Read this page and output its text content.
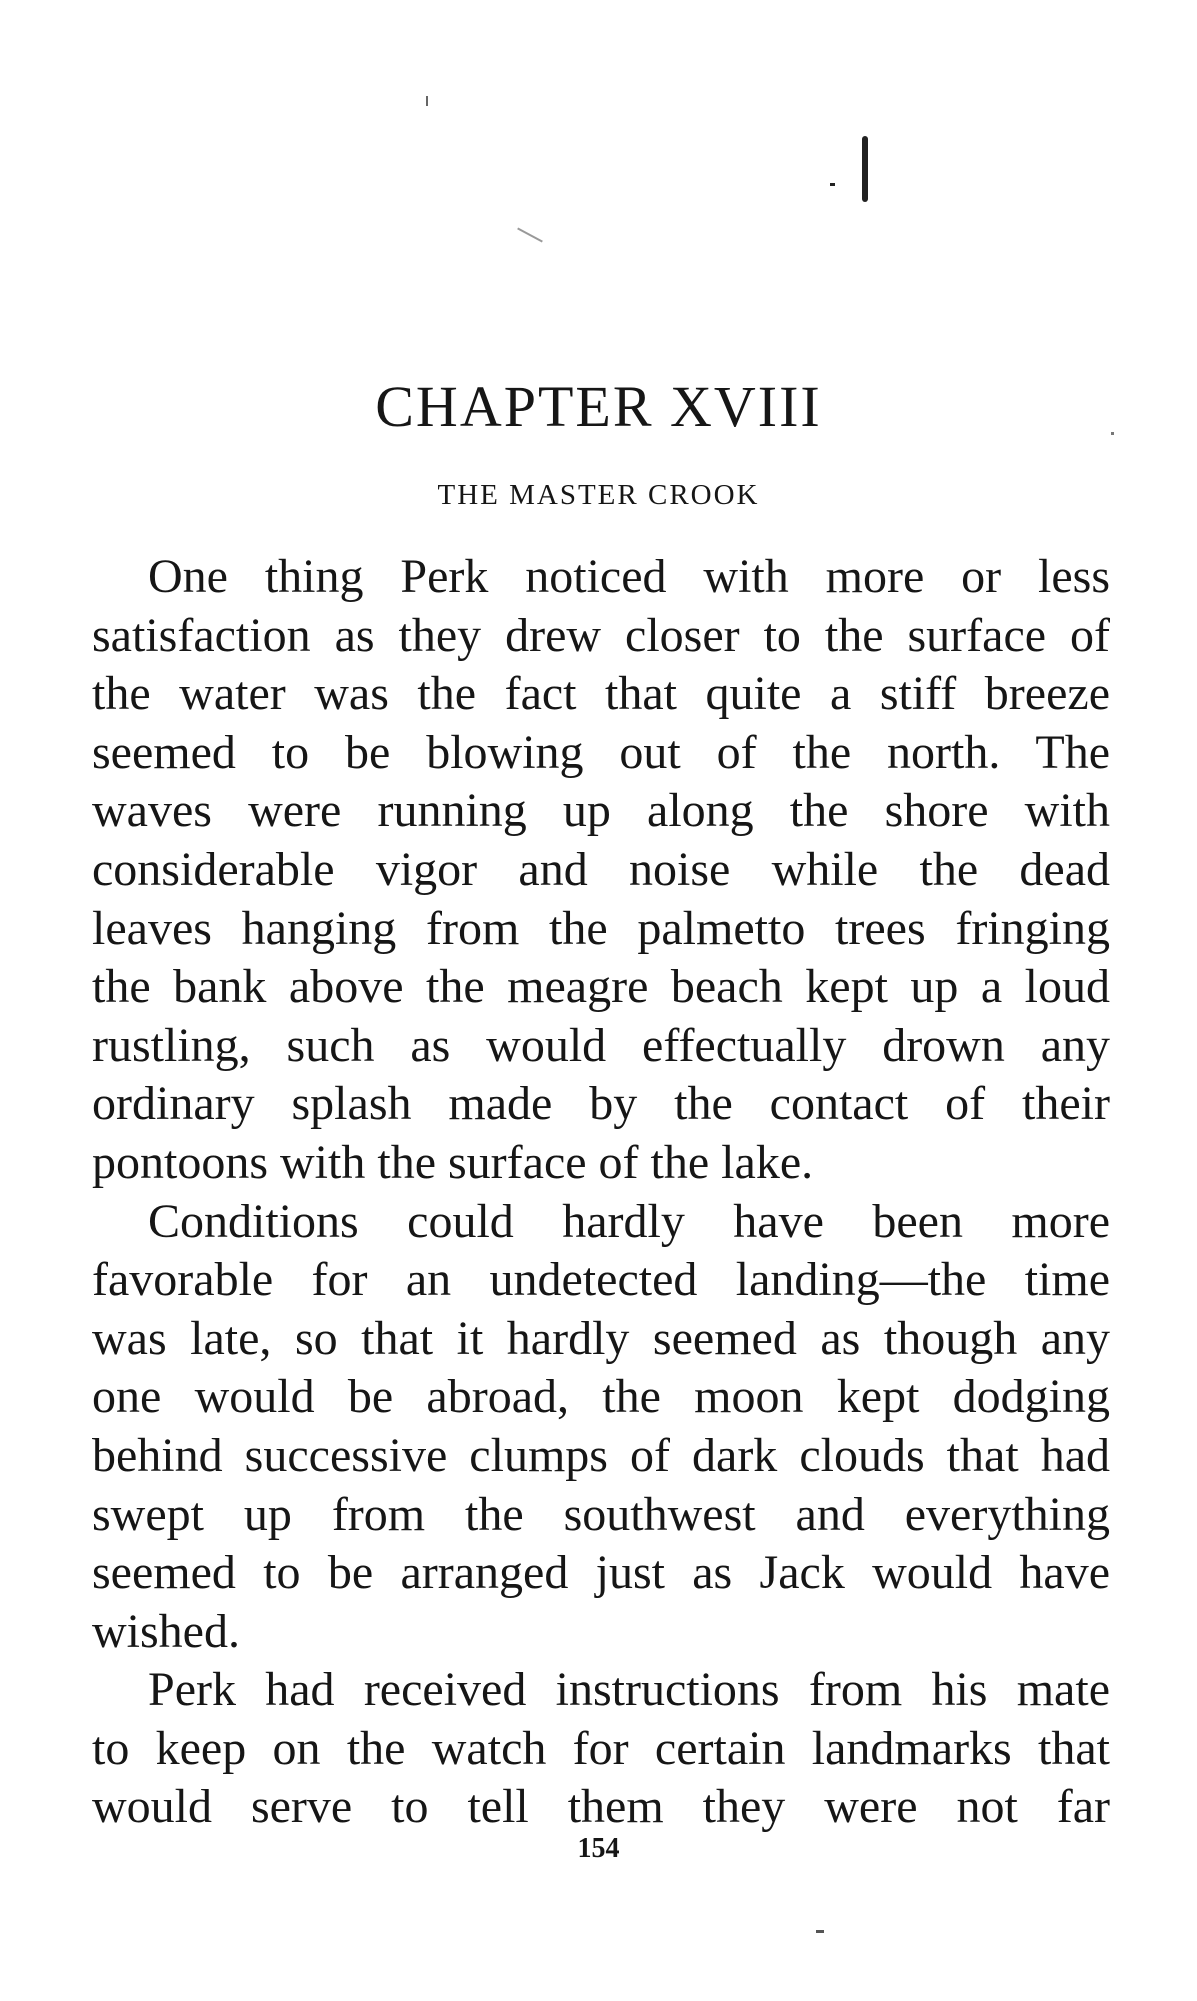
CHAPTER XVIII
THE MASTER CROOK
One thing Perk noticed with more or less
satisfaction as they drew closer to the surface of
the water was the fact that quite a stiff breeze
seemed to be blowing out of the north. The
waves were running up along the shore with
considerable vigor and noise while the dead
leaves hanging from the palmetto trees fringing
the bank above the meagre beach kept up a loud
rustling, such as would effectually drown any
ordinary splash made by the contact of their
pontoons with the surface of the lake.
Conditions could hardly have been more
favorable for an undetected landing—the time
was late, so that it hardly seemed as though any
one would be abroad, the moon kept dodging
behind successive clumps of dark clouds that had
swept up from the southwest and everything
seemed to be arranged just as Jack would have
wished.
Perk had received instructions from his mate
to keep on the watch for certain landmarks that
would serve to tell them they were not far
154
